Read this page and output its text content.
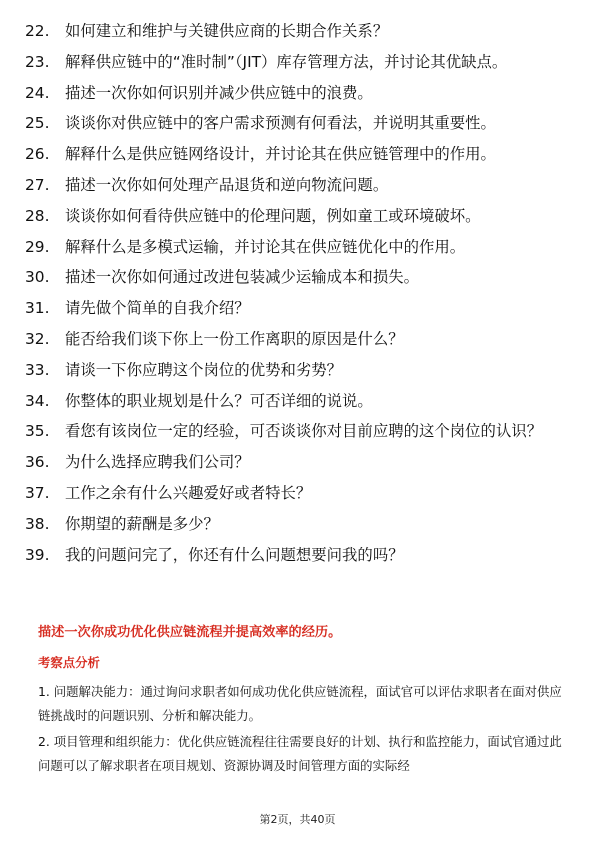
22.	如何建立和维护与关键供应商的长期合作关系？
23.	解释供应链中的“准时制”（JIT）库存管理方法，并讨论其优缺点。
24.	描述一次你如何识别并减少供应链中的浪费。
25.	谈谈你对供应链中的客户需求预测有何看法，并说明其重要性。
26.	解释什么是供应链网络设计，并讨论其在供应链管理中的作用。
27.	描述一次你如何处理产品退货和逆向物流问题。
28.	谈谈你如何看待供应链中的伦理问题，例如童工或环境破坏。
29.	解释什么是多模式运输，并讨论其在供应链优化中的作用。
30.	描述一次你如何通过改进包装减少运输成本和损失。
31.	请先做个简单的自我介绍？
32.	能否给我们谈下你上一份工作离职的原因是什么？
33.	请谈一下你应聘这个岗位的优势和劣势？
34.	你整体的职业规划是什么？可否详细的说说。
35.	看您有该岗位一定的经验，可否谈谈你对目前应聘的这个岗位的认识？
36.	为什么选择应聘我们公司？
37.	工作之余有什么兴趣爱好或者特长？
38.	你期望的薪酬是多少？
39.	我的问题问完了，你还有什么问题想要问我的吗？
描述一次你成功优化供应链流程并提高效率的经历。
考察点分析
1. 问题解决能力：通过询问求职者如何成功优化供应链流程，面试官可以评估求职者在面对供应链挑战时的问题识别、分析和解决能力。
2. 项目管理和组织能力：优化供应链流程往往需要良好的计划、执行和监控能力，面试官通过此问题可以了解求职者在项目规划、资源协调及时间管理方面的实际经
第2页，共40页
